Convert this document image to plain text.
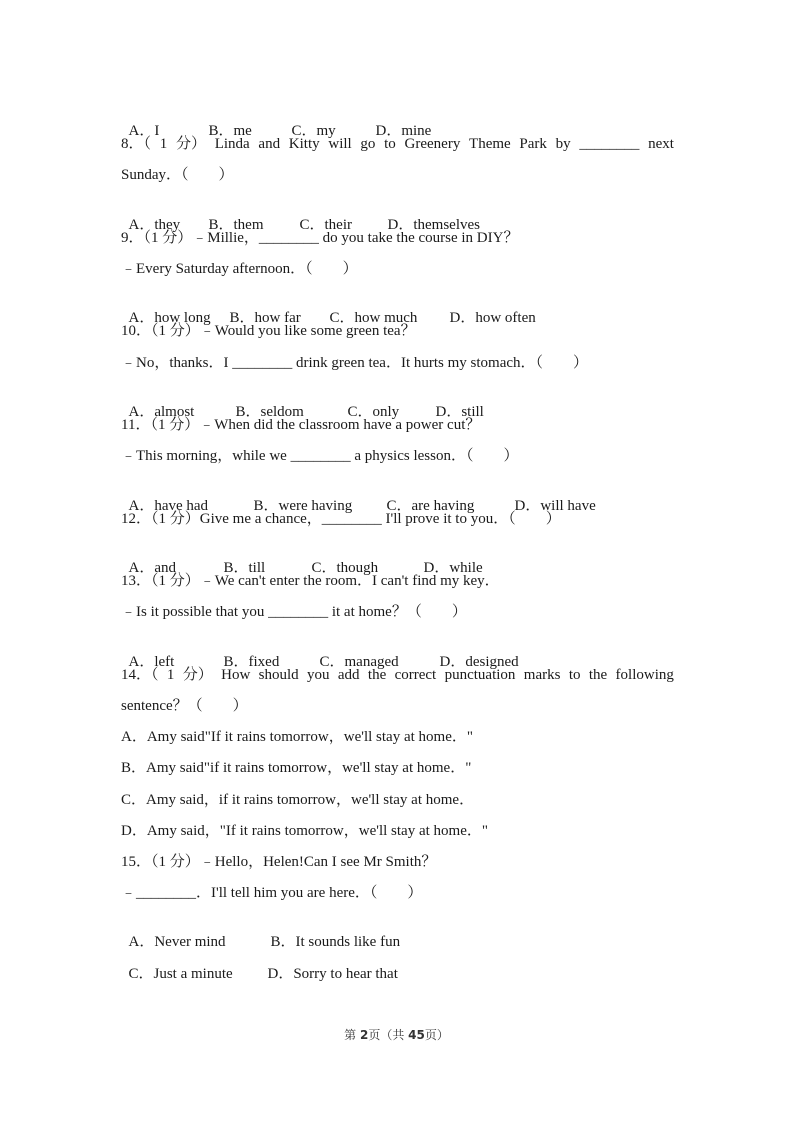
A．I	B．me	C．my	D．mine

8．（ 1 分） Linda and Kitty will go to Greenery Theme Park by ________ next
Sunday．（　　）

A．they B．them C．their D．themselves

9．（1 分）﹣Millie，________ do you take the course in DIY？
﹣Every Saturday afternoon．（　　）

A．how long B．how far C．how much D．how often

10．（1 分）﹣Would you like some green tea？
﹣No，thanks．I ________ drink green tea．It hurts my stomach．（　　）

A．almost	B．seldom	C．only D．still

11．（1 分）﹣When did the classroom have a power cut？
﹣This morning，while we ________ a physics lesson．（　　）

A．have had	B．were having C．are having	D．will have

12．（1 分）Give me a chance，________ I'll prove it to you．（　　）

A．and	B．till	C．though	D．while

13．（1 分）﹣We can't enter the room．I can't find my key．
﹣Is it possible that you ________ it at home？（　　）

A．left	B．fixed	C．managed	D．designed

14．（ 1 分） How should you add the correct punctuation marks to the following
sentence？（　　）
A．Amy said"If it rains tomorrow，we'll stay at home．"
B．Amy said"if it rains tomorrow，we'll stay at home．"
C．Amy said，if it rains tomorrow，we'll stay at home．
D．Amy said，"If it rains tomorrow，we'll stay at home．"
15．（1 分）﹣Hello，Helen!Can I see Mr Smith？
﹣________．I'll tell him you are here．（　　）

A．Never mind	B．It sounds like fun

C．Just a minute D．Sorry to hear that

第 2页（共 45页）
